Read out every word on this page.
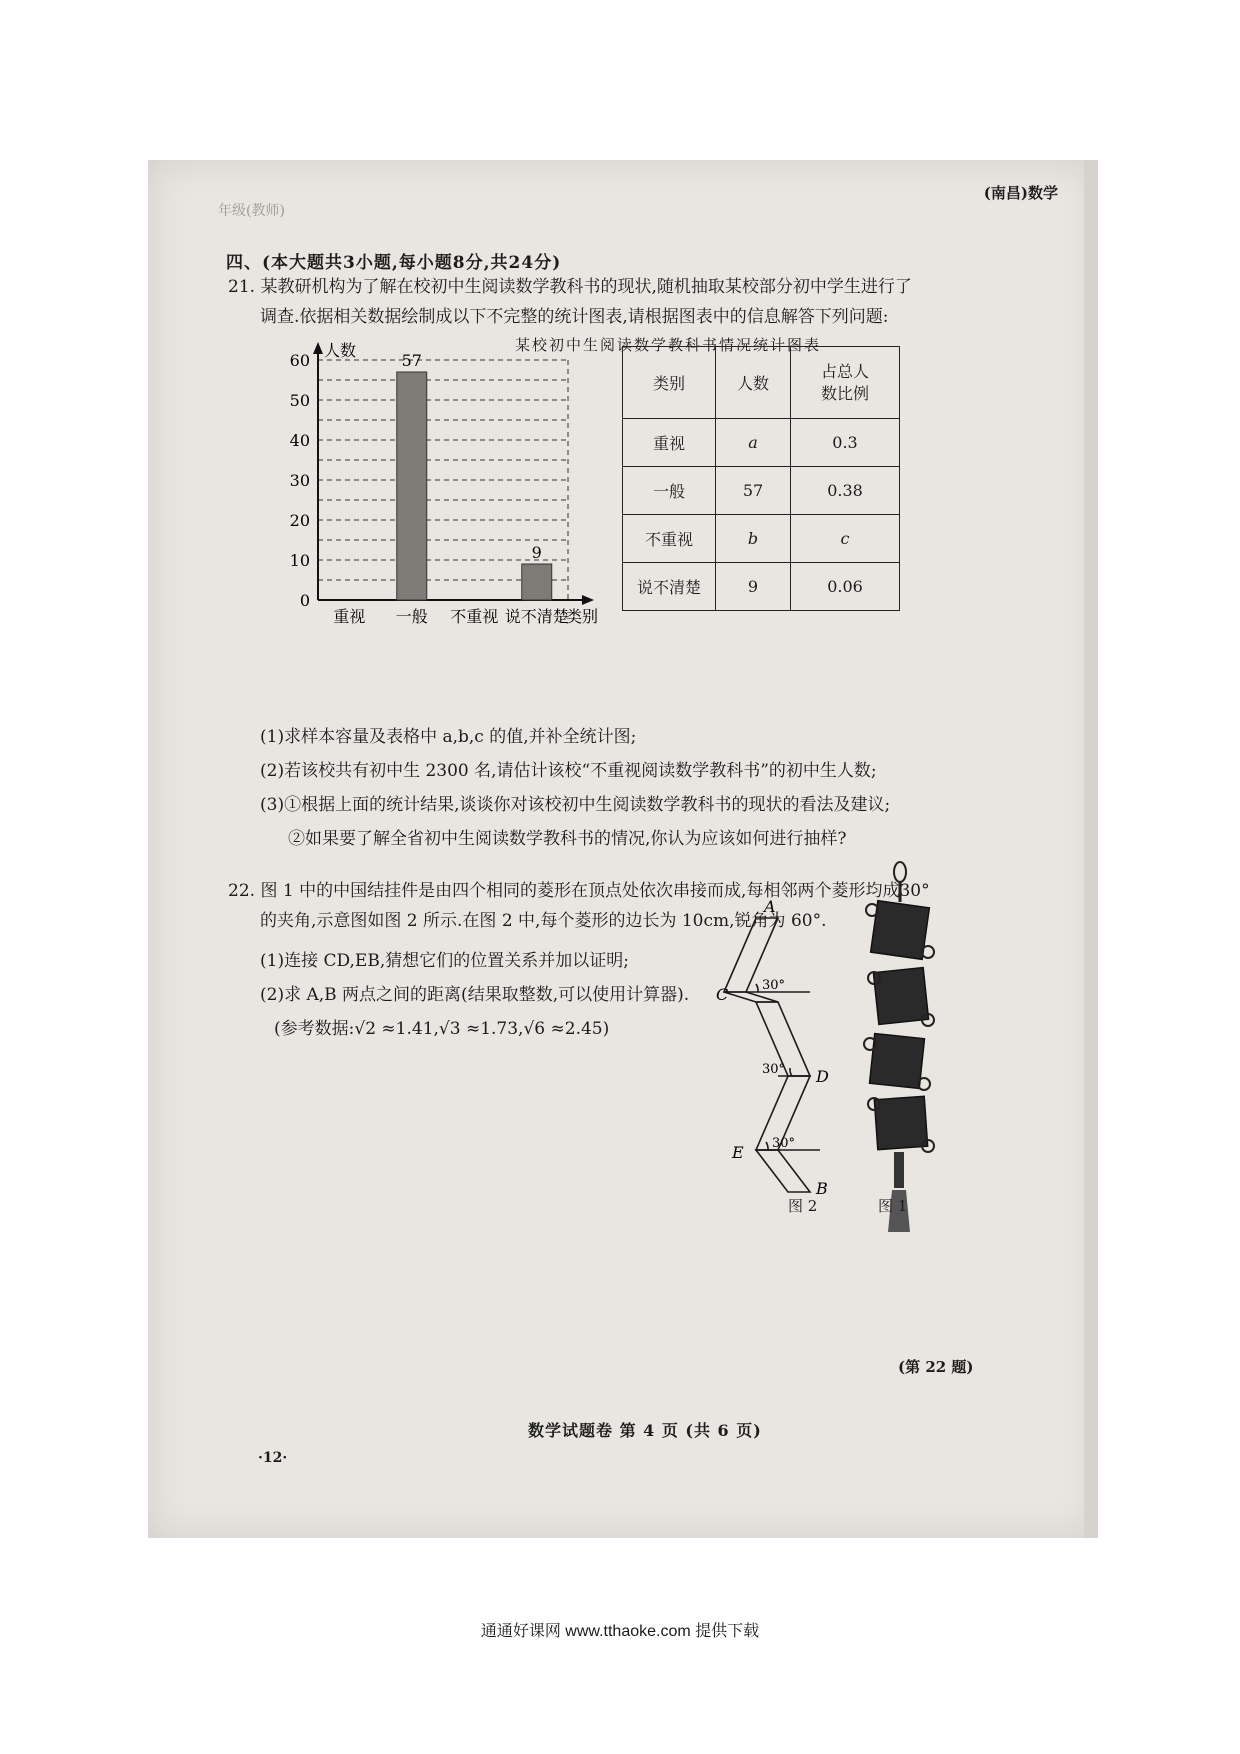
年级(教师)
(南昌)数学
四、(本大题共3小题,每小题8分,共24分)
21. 某教研机构为了解在校初中生阅读数学教科书的现状,随机抽取某校部分初中学生进行了
调查.依据相关数据绘制成以下不完整的统计图表,请根据图表中的信息解答下列问题:
某校初中生阅读数学教科书情况统计图表
0
10
20
30
40
50
60
人数
重视
57
一般 不重视
9
说不清楚
类别
类别	人数	占总人
数比例

重视	a	0.3
一般	57	0.38
不重视	b	c
说不清楚	9	0.06
(1)求样本容量及表格中 a,b,c 的值,并补全统计图;
(2)若该校共有初中生 2300 名,请估计该校“不重视阅读数学教科书”的初中生人数;
(3)①根据上面的统计结果,谈谈你对该校初中生阅读数学教科书的现状的看法及建议;
②如果要了解全省初中生阅读数学教科书的情况,你认为应该如何进行抽样?
22. 图 1 中的中国结挂件是由四个相同的菱形在顶点处依次串接而成,每相邻两个菱形均成30°
的夹角,示意图如图 2 所示.在图 2 中,每个菱形的边长为 10cm,锐角为 60°.
(1)连接 CD,EB,猜想它们的位置关系并加以证明;
(2)求 A,B 两点之间的距离(结果取整数,可以使用计算器).
(参考数据:√2 ≈1.41,√3 ≈1.73,√6 ≈2.45)
A
C
D
E
B
30°
30°
30°
图 2	图 1
(第 22 题)
数学试题卷 第 4 页 (共 6 页)
·12·
通通好课网 www.tthaoke.com 提供下载
